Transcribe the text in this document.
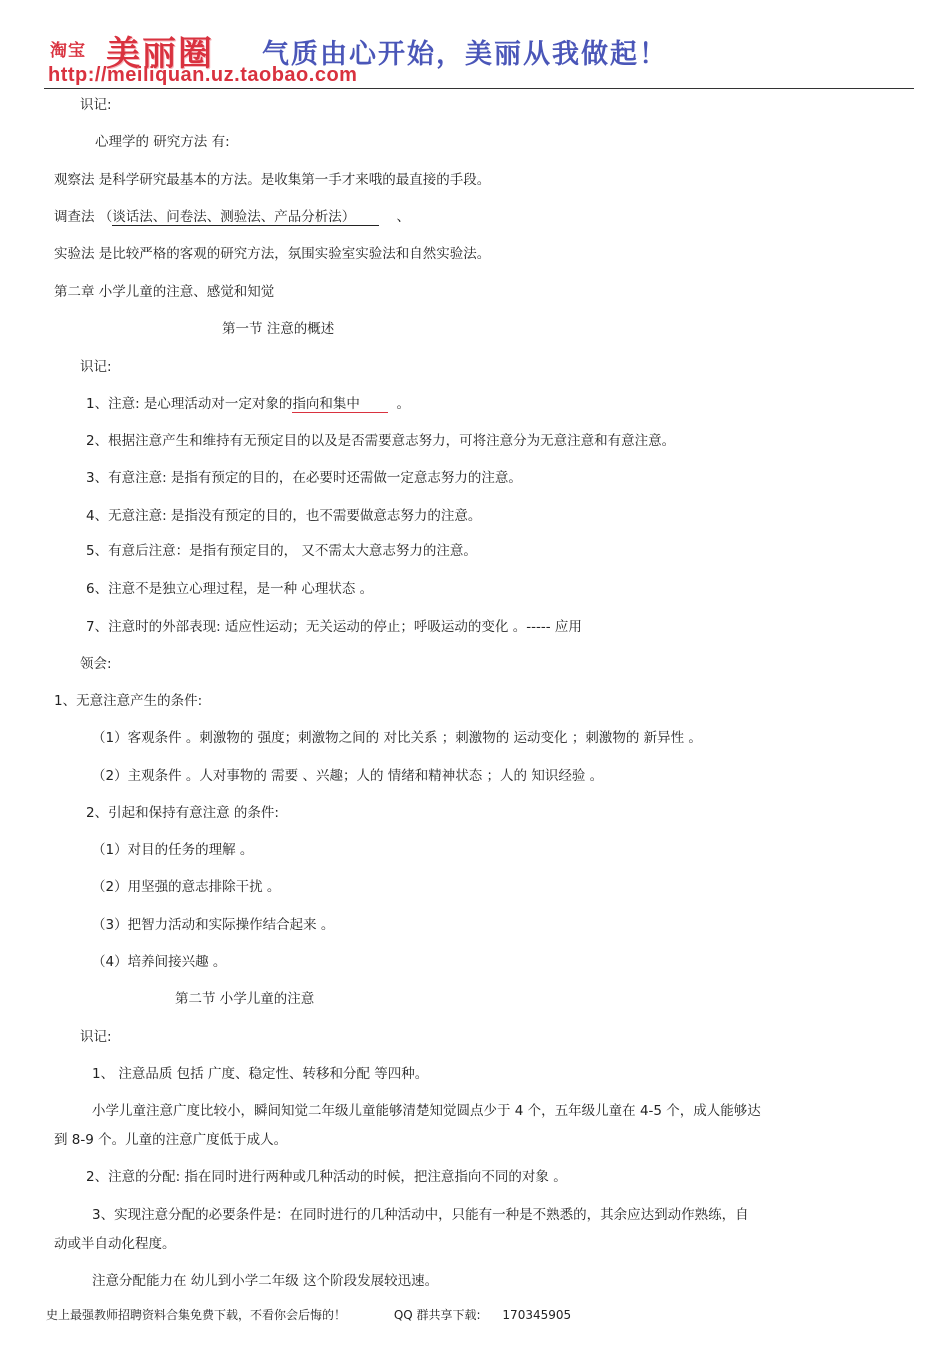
淘宝 美丽圈 气质由心开始，美丽从我做起！
http://meiliquan.uz.taobao.com
识记:
心理学的 研究方法 有:
观察法 是科学研究最基本的方法。是收集第一手才来哦的最直接的手段。
调查法 （谈话法、问卷法、测验法、产品分析法）	、
实验法 是比较严格的客观的研究方法，氛围实验室实验法和自然实验法。
第二章 小学儿童的注意、感觉和知觉
第一节 注意的概述
识记:
1、注意: 是心理活动对一定对象的指向和集中	。
2、根据注意产生和维持有无预定目的以及是否需要意志努力，可将注意分为无意注意和有意注意。
3、有意注意: 是指有预定的目的，在必要时还需做一定意志努力的注意。
4、无意注意: 是指没有预定的目的，也不需要做意志努力的注意。
5、有意后注意：是指有预定目的， 又不需太大意志努力的注意。
6、注意不是独立心理过程，是一种 心理状态 。
7、注意时的外部表现: 适应性运动；无关运动的停止；呼吸运动的变化 。----- 应用
领会:
1、无意注意产生的条件:
（1）客观条件 。刺激物的 强度；刺激物之间的 对比关系 ；刺激物的 运动变化 ；刺激物的 新异性 。
（2）主观条件 。人对事物的 需要 、兴趣；人的 情绪和精神状态 ；人的 知识经验 。
2、引起和保持有意注意 的条件:
（1）对目的任务的理解 。
（2）用坚强的意志排除干扰 。
（3）把智力活动和实际操作结合起来 。
（4）培养间接兴趣 。
第二节 小学儿童的注意
识记:
1、 注意品质 包括 广度、稳定性、转移和分配 等四种。
小学儿童注意广度比较小，瞬间知觉二年级儿童能够清楚知觉圆点少于 4 个，五年级儿童在 4-5 个，成人能够达
到 8-9 个。儿童的注意广度低于成人。
2、注意的分配: 指在同时进行两种或几种活动的时候，把注意指向不同的对象 。
3、实现注意分配的必要条件是：在同时进行的几种活动中，只能有一种是不熟悉的，其余应达到动作熟练，自
动或半自动化程度。
注意分配能力在 幼儿到小学二年级 这个阶段发展较迅速。
史上最强教师招聘资料合集免费下载，不看你会后悔的！	QQ 群共享下载: 170345905
